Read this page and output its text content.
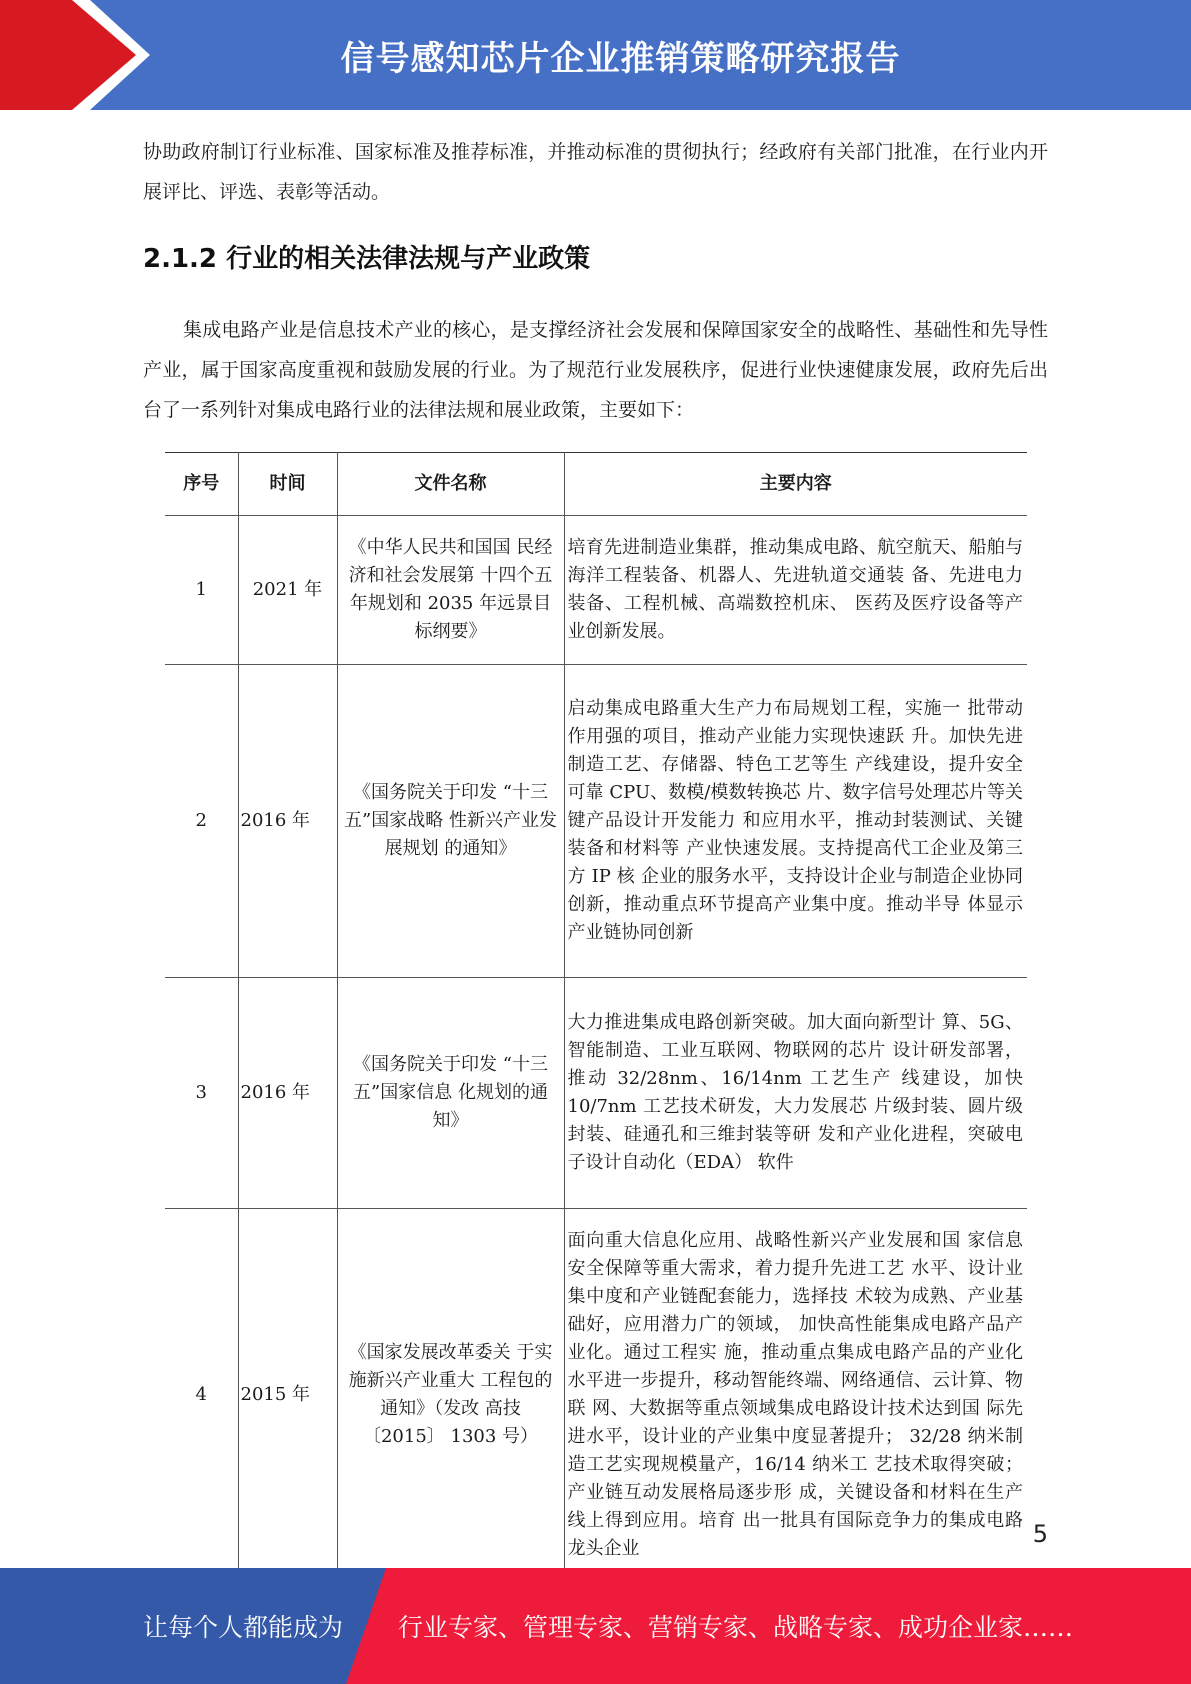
信号感知芯片企业推销策略研究报告
协助政府制订行业标准、国家标准及推荐标准，并推动标准的贯彻执行；经政府有关部门批准，在行业内开展评比、评选、表彰等活动。
2.1.2 行业的相关法律法规与产业政策
集成电路产业是信息技术产业的核心，是支撑经济社会发展和保障国家安全的战略性、基础性和先导性产业，属于国家高度重视和鼓励发展的行业。为了规范行业发展秩序，促进行业快速健康发展，政府先后出台了一系列针对集成电路行业的法律法规和展业政策，主要如下：
序号	时间	文件名称	主要内容
1	2021 年	《中华人民共和国国 民经济和社会发展第 十四个五年规划和 2035 年远景目标纲要》	培育先进制造业集群，推动集成电路、航空航天、船舶与海洋工程装备、机器人、先进轨道交通装 备、先进电力装备、工程机械、高端数控机床、 医药及医疗设备等产业创新发展。
2	2016 年	《国务院关于印发 “十三五”国家战略 性新兴产业发展规划 的通知》	启动集成电路重大生产力布局规划工程，实施一 批带动作用强的项目，推动产业能力实现快速跃 升。加快先进制造工艺、存储器、特色工艺等生 产线建设，提升安全可靠 CPU、数模/模数转换芯 片、数字信号处理芯片等关键产品设计开发能力 和应用水平，推动封装测试、关键装备和材料等 产业快速发展。支持提高代工企业及第三方 IP 核 企业的服务水平，支持设计企业与制造企业协同 创新，推动重点环节提高产业集中度。推动半导 体显示产业链协同创新
3	2016 年	《国务院关于印发 “十三五”国家信息 化规划的通知》	大力推进集成电路创新突破。加大面向新型计 算、5G、智能制造、工业互联网、物联网的芯片 设计研发部署，推动 32/28nm、16/14nm 工艺生产 线建设，加快 10/7nm 工艺技术研发，大力发展芯 片级封装、圆片级封装、硅通孔和三维封装等研 发和产业化进程，突破电子设计自动化（EDA） 软件
4	2015 年	《国家发展改革委关 于实施新兴产业重大 工程包的通知》（发改 高技〔2015〕 1303 号）	面向重大信息化应用、战略性新兴产业发展和国 家信息安全保障等重大需求，着力提升先进工艺 水平、设计业集中度和产业链配套能力，选择技 术较为成熟、产业基础好，应用潜力广的领域， 加快高性能集成电路产品产业化。通过工程实 施，推动重点集成电路产品的产业化水平进一步提升，移动智能终端、网络通信、云计算、物联 网、大数据等重点领域集成电路设计技术达到国 际先进水平，设计业的产业集中度显著提升； 32/28 纳米制造工艺实现规模量产，16/14 纳米工 艺技术取得突破；产业链互动发展格局逐步形 成，关键设备和材料在生产线上得到应用。培育 出一批具有国际竞争力的集成电路龙头企业
5
让每个人都能成为 行业专家、管理专家、营销专家、战略专家、成功企业家……
